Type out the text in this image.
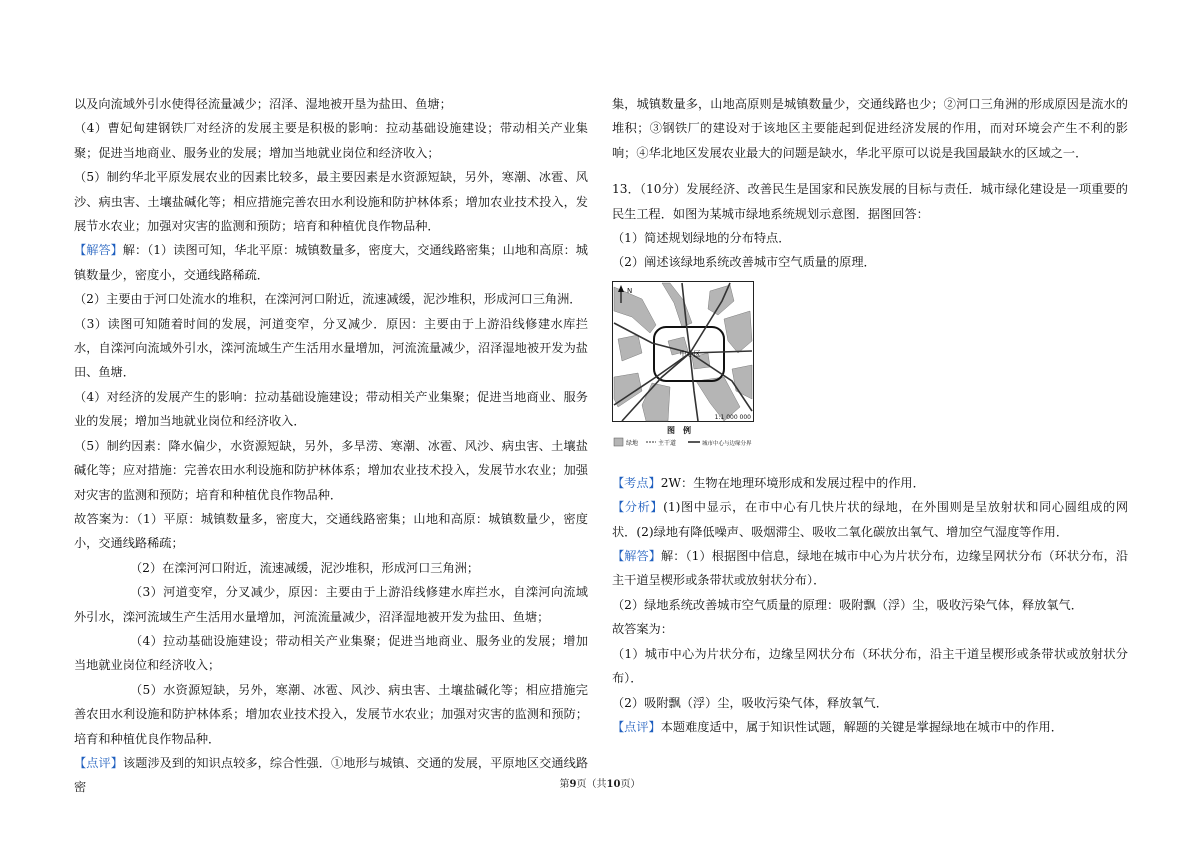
以及向流域外引水使得径流量减少；沼泽、湿地被开垦为盐田、鱼塘；

（4）曹妃甸建钢铁厂对经济的发展主要是积极的影响：拉动基础设施建设；带动相关产业集聚；促进当地商业、服务业的发展；增加当地就业岗位和经济收入；

（5）制约华北平原发展农业的因素比较多，最主要因素是水资源短缺，另外，寒潮、冰雹、风沙、病虫害、土壤盐碱化等；相应措施完善农田水利设施和防护林体系；增加农业技术投入，发展节水农业；加强对灾害的监测和预防；培育和种植优良作物品种．

【解答】解：（1）读图可知，华北平原：城镇数量多，密度大，交通线路密集；山地和高原：城镇数量少，密度小，交通线路稀疏．

（2）主要由于河口处流水的堆积，在滦河河口附近，流速减缓，泥沙堆积，形成河口三角洲．

（3）读图可知随着时间的发展，河道变窄，分叉减少．原因：主要由于上游沿线修建水库拦水，自滦河向流域外引水，滦河流域生产生活用水量增加，河流流量减少，沼泽湿地被开发为盐田、鱼塘．

（4）对经济的发展产生的影响：拉动基础设施建设；带动相关产业集聚；促进当地商业、服务业的发展；增加当地就业岗位和经济收入．

（5）制约因素：降水偏少，水资源短缺，另外，多旱涝、寒潮、冰雹、风沙、病虫害、土壤盐碱化等；应对措施：完善农田水利设施和防护林体系；增加农业技术投入，发展节水农业；加强对灾害的监测和预防；培育和种植优良作物品种．

故答案为：（1）平原：城镇数量多，密度大，交通线路密集；山地和高原：城镇数量少，密度小，交通线路稀疏；

（2）在滦河河口附近，流速减缓，泥沙堆积，形成河口三角洲；

（3）河道变窄，分叉减少，原因：主要由于上游沿线修建水库拦水，自滦河向流域外引水，滦河流域生产生活用水量增加，河流流量减少，沼泽湿地被开发为盐田、鱼塘；

（4）拉动基础设施建设；带动相关产业集聚；促进当地商业、服务业的发展；增加当地就业岗位和经济收入；

（5）水资源短缺，另外，寒潮、冰雹、风沙、病虫害、土壤盐碱化等；相应措施完善农田水利设施和防护林体系；增加农业技术投入，发展节水农业；加强对灾害的监测和预防；培育和种植优良作物品种．

【点评】该题涉及到的知识点较多，综合性强．①地形与城镇、交通的发展，平原地区交通线路密

集，城镇数量多，山地高原则是城镇数量少，交通线路也少；②河口三角洲的形成原因是流水的堆积；③钢铁厂的建设对于该地区主要能起到促进经济发展的作用，而对环境会产生不利的影响；④华北地区发展农业最大的问题是缺水，华北平原可以说是我国最缺水的区域之一．

13．（10分）发展经济、改善民生是国家和民族发展的目标与责任．城市绿化建设是一项重要的民生工程．如图为某城市绿地系统规划示意图．据图回答：

（1）简述规划绿地的分布特点．

（2）阐述该绿地系统改善城市空气质量的原理．

中心区
N
1:1 000 000
图　例
绿地	主干道	城市中心与边缘分界

【考点】2W：生物在地理环境形成和发展过程中的作用．

【分析】(1)图中显示，在市中心有几快片状的绿地，在外围则是呈放射状和同心圆组成的网状．(2)绿地有降低噪声、吸烟滞尘、吸收二氧化碳放出氧气、增加空气湿度等作用．

【解答】解：（1）根据图中信息，绿地在城市中心为片状分布，边缘呈网状分布（环状分布，沿主干道呈楔形或条带状或放射状分布）．

（2）绿地系统改善城市空气质量的原理：吸附飘（浮）尘，吸收污染气体，释放氧气．

故答案为：

（1）城市中心为片状分布，边缘呈网状分布（环状分布，沿主干道呈楔形或条带状或放射状分布）．

（2）吸附飘（浮）尘，吸收污染气体，释放氧气．

【点评】本题难度适中，属于知识性试题，解题的关键是掌握绿地在城市中的作用．

第9页（共10页）
